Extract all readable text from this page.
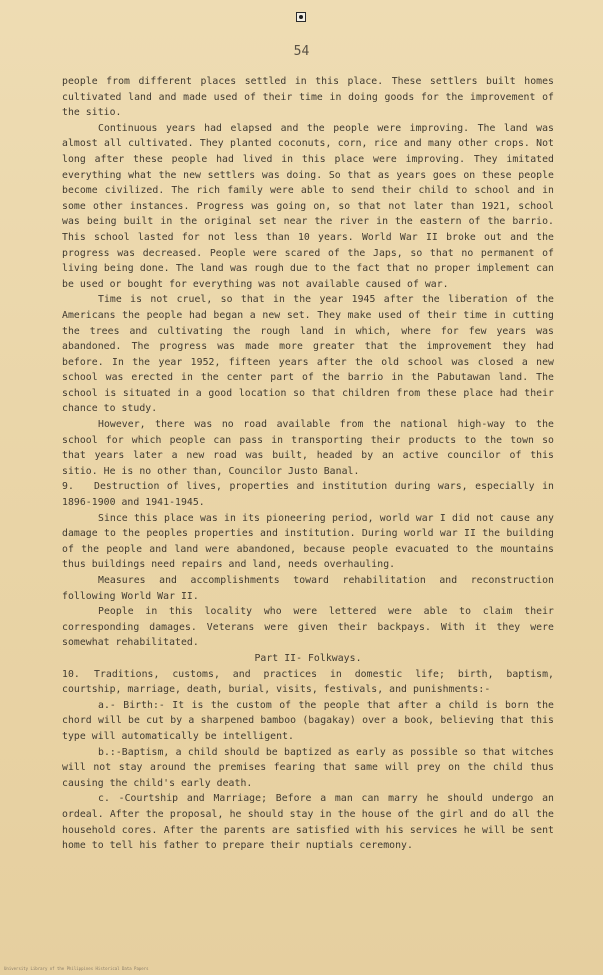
54

people from different places settled in this place. These settlers built homes cultivated land and made used of their time in doing goods for the improvement of the sitio.

Continuous years had elapsed and the people were improving. The land was almost all cultivated. They planted coconuts, corn, rice and many other crops. Not long after these people had lived in this place were improving. They imitated everything what the new settlers was doing. So that as years goes on these people become civilized. The rich family were able to send their child to school and in some other instances. Progress was going on, so that not later than 1921, school was being built in the original set near the river in the eastern of the barrio. This school lasted for not less than 10 years. World War II broke out and the progress was decreased. People were scared of the Japs, so that no permanent of living being done. The land was rough due to the fact that no proper implement can be used or bought for everything was not available caused of war.

Time is not cruel, so that in the year 1945 after the liberation of the Americans the people had began a new set. They make used of their time in cutting the trees and cultivating the rough land in which, where for few years was abandoned. The progress was made more greater that the improvement they had before. In the year 1952, fifteen years after the old school was closed a new school was erected in the center part of the barrio in the Pabutawan land. The school is situated in a good location so that children from these place had their chance to study.

However, there was no road available from the national high-way to the school for which people can pass in transporting their products to the town so that years later a new road was built, headed by an active councilor of this sitio. He is no other than, Councilor Justo Banal.

9. Destruction of lives, properties and institution during wars, especially in 1896-1900 and 1941-1945.

Since this place was in its pioneering period, world war I did not cause any damage to the peoples properties and institution. During world war II the building of the people and land were abandoned, because people evacuated to the mountains thus buildings need repairs and land, needs overhauling.

Measures and accomplishments toward rehabilitation and reconstruction following World War II.

People in this locality who were lettered were able to claim their corresponding damages. Veterans were given their backpays. With it they were somewhat rehabilitated.

Part II- Folkways.

10. Traditions, customs, and practices in domestic life; birth, baptism, courtship, marriage, death, burial, visits, festivals, and punishments:-

a.- Birth:- It is the custom of the people that after a child is born the chord will be cut by a sharpened bamboo (bagakay) over a book, believing that this type will automatically be intelligent.

b.:-Baptism, a child should be baptized as early as possible so that witches will not stay around the premises fearing that same will prey on the child thus causing the child's early death.

c. -Courtship and Marriage; Before a man can marry he should undergo an ordeal. After the proposal, he should stay in the house of the girl and do all the household cores. After the parents are satisfied with his services he will be sent home to tell his father to prepare their nuptials ceremony.

University Library of the Philippines Historical Data Papers
